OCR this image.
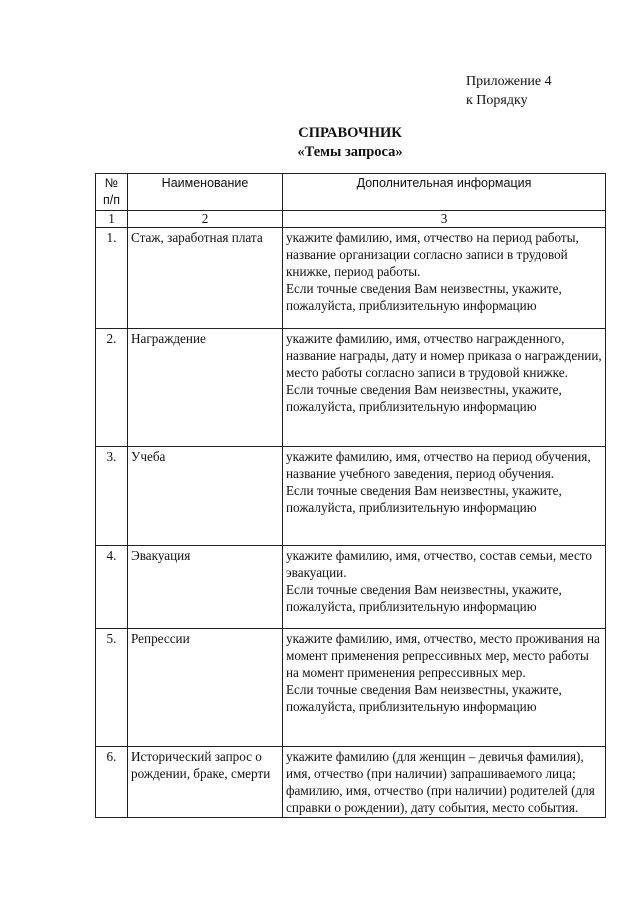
Приложение 4
к Порядку
СПРАВОЧНИК
«Темы запроса»
№ п/п	Наименование	Дополнительная информация
1	2	3
1.	Стаж, заработная плата	укажите фамилию, имя, отчество на период работы, название организации согласно записи в трудовой книжке, период работы.
Если точные сведения Вам неизвестны, укажите, пожалуйста, приблизительную информацию

2.	Награждение	укажите фамилию, имя, отчество награжденного, название награды, дату и номер приказа о награждении, место работы согласно записи в трудовой книжке.
Если точные сведения Вам неизвестны, укажите, пожалуйста, приблизительную информацию

3.	Учеба	укажите фамилию, имя, отчество на период обучения, название учебного заведения, период обучения.
Если точные сведения Вам неизвестны, укажите, пожалуйста, приблизительную информацию

4.	Эвакуация	укажите фамилию, имя, отчество, состав семьи, место эвакуации.
Если точные сведения Вам неизвестны, укажите, пожалуйста, приблизительную информацию

5.	Репрессии	укажите фамилию, имя, отчество, место проживания на момент применения репрессивных мер, место работы на момент применения репрессивных мер.
Если точные сведения Вам неизвестны, укажите, пожалуйста, приблизительную информацию

6.	Исторический запрос о рождении, браке, смерти	укажите фамилию (для женщин – девичья фамилия), имя, отчество (при наличии) запрашиваемого лица; фамилию, имя, отчество (при наличии) родителей (для справки о рождении), дату события, место события.
